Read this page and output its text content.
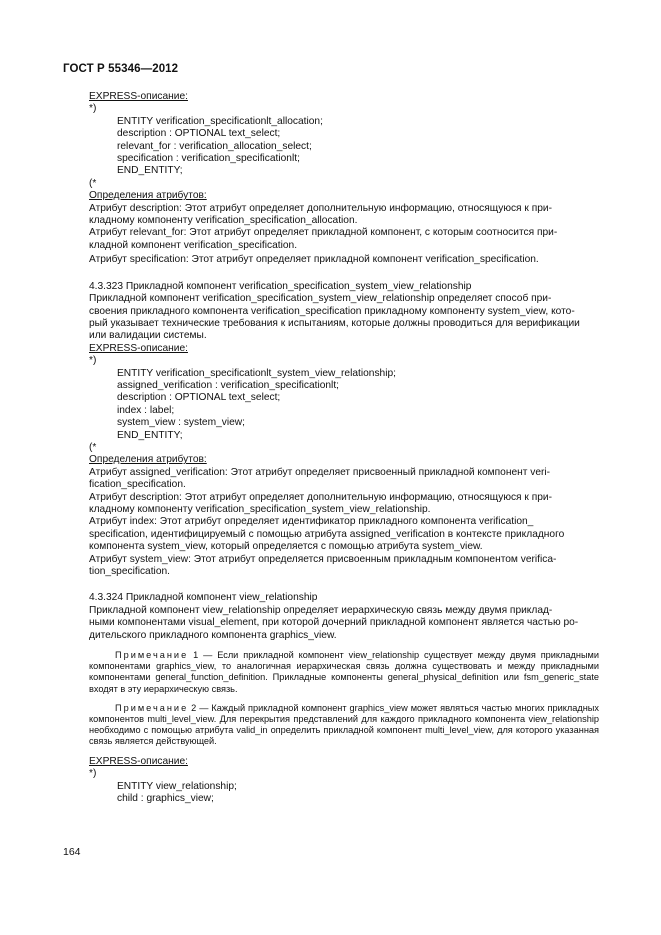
ГОСТ Р 55346—2012

EXPRESS-описание:

*)

ENTITY verification_specificationlt_allocation;
description : OPTIONAL text_select;
relevant_for : verification_allocation_select;
specification : verification_specificationlt;
END_ENTITY;

(*

Определения атрибутов:

Атрибут description: Этот атрибут определяет дополнительную информацию, относящуюся к при-

кладному компоненту verification_specification_allocation.

Атрибут relevant_for: Этот атрибут определяет прикладной компонент, с которым соотносится при-

кладной компонент verification_specification.

Атрибут specification: Этот атрибут определяет прикладной компонент verification_specification.

4.3.323 Прикладной компонент verification_specification_system_view_relationship

Прикладной компонент verification_specification_system_view_relationship определяет способ при-

своения прикладного компонента verification_specification прикладному компоненту system_view, кото-

рый указывает технические требования к испытаниям, которые должны проводиться для верификации

или валидации системы.

EXPRESS-описание:

*)

ENTITY verification_specificationlt_system_view_relationship;
assigned_verification : verification_specificationlt;
description : OPTIONAL text_select;
index : label;
system_view : system_view;
END_ENTITY;

(*

Определения атрибутов:

Атрибут assigned_verification: Этот атрибут определяет присвоенный прикладной компонент veri-

fication_specification.

Атрибут description: Этот атрибут определяет дополнительную информацию, относящуюся к при-

кладному компоненту verification_specification_system_view_relationship.

Атрибут index: Этот атрибут определяет идентификатор прикладного компонента verification_

specification, идентифицируемый с помощью атрибута assigned_verification в контексте прикладного

компонента system_view, который определяется с помощью атрибута system_view.

Атрибут system_view: Этот атрибут определяется присвоенным прикладным компонентом verifica-

tion_specification.

4.3.324 Прикладной компонент view_relationship

Прикладной компонент view_relationship определяет иерархическую связь между двумя приклад-

ными компонентами visual_element, при которой дочерний прикладной компонент является частью ро-

дительского прикладного компонента graphics_view.

Примечание 1 — Если прикладной компонент view_relationship существует между двумя прикладными компонентами graphics_view, то аналогичная иерархическая связь должна существовать и между прикладными компонентами general_function_definition. Прикладные компоненты general_physical_definition или fsm_generic_state входят в эту иерархическую связь.

Примечание 2 — Каждый прикладной компонент graphics_view может являться частью многих прикладных компонентов multi_level_view. Для перекрытия представлений для каждого прикладного компонента view_relationship необходимо с помощью атрибута valid_in определить прикладной компонент multi_level_view, для которого указанная связь является действующей.

EXPRESS-описание:

*)

ENTITY view_relationship;
child : graphics_view;
164
